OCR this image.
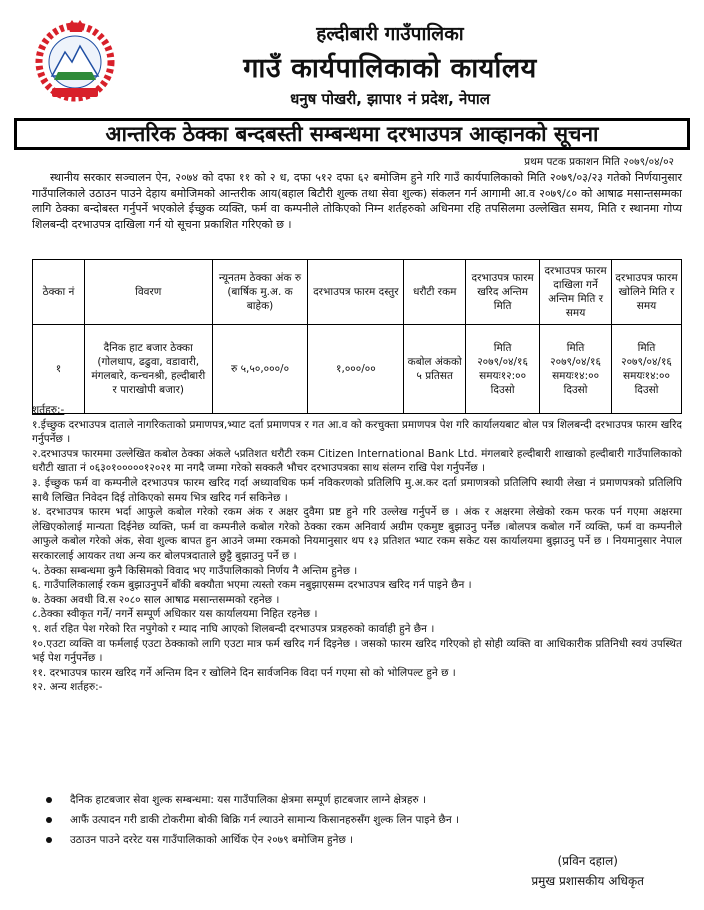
हल्दीबारी गाउँपालिका
गाउँ कार्यपालिकाको कार्यालय
धनुष पोखरी, झापा१ नं प्रदेश, नेपाल
आन्तरिक ठेक्का बन्दबस्ती सम्बन्धमा दरभाउपत्र आव्हानको सूचना
प्रथम पटक प्रकाशन मिति २०७९/०४/०२

स्थानीय सरकार सञ्चालन ऐन, २०७४ को दफा ११ को २ ध, दफा ५१२ दफा ६२ बमोजिम हुने गरि गाउँ कार्यपालिकाको मिति २०७९/०३/२३ गतेको निर्णयानुसार गाउँपालिकाले उठाउन पाउने देहाय बमोजिमको आन्तरीक आय(बहाल बिटौरी शुल्क तथा सेवा शुल्क) संकलन गर्न आगामी आ.व २०७९/८० को आषाढ मसान्तसम्मका लागि ठेक्का बन्दोबस्त गर्नुपर्ने भएकोले ईच्छुक व्यक्ति, फर्म वा कम्पनीले तोकिएको निम्न शर्तहरुको अधिनमा रहि तपसिलमा उल्लेखित समय, मिति र स्थानमा गोप्य शिलबन्दी दरभाउपत्र दाखिला गर्न यो सूचना प्रकाशित गरिएको छ ।

ठेक्का नं	विवरण	न्यूनतम ठेक्का अंक रु (बार्षिक मु.अ. क बाहेक)	दरभाउपत्र फारम दस्तुर	धरौटी रकम	दरभाउपत्र फारम खरिद अन्तिम मिति	दरभाउपत्र फारम दाखिला गर्ने अन्तिम मिति र समय	दरभाउपत्र फारम खोलिने मिति र समय
१	दैनिक हाट बजार ठेक्का (गोलधाप, ढढुवा, वडावारी, मंगलबारे, कन्चनश्री, हल्दीबारी र पाराखोपी बजार)	रु ५,५०,०००/०	१,०००/००	कबोल अंकको ५ प्रतिसत	मिति २०७९/०४/१६ समयः१२:०० दिउसो	मिति २०७९/०४/१६ समयः१४:०० दिउसो	मिति २०७९/०४/१६ समयः१४:०० दिउसो

शर्तहरु:-

१.ईच्छुक दरभाउपत्र दाताले नागरिकताको प्रमाणपत्र,भ्याट दर्ता प्रमाणपत्र र गत आ.व को करचुक्ता प्रमाणपत्र पेश गरि कार्यालयबाट बोल पत्र शिलबन्दी दरभाउपत्र फारम खरिद गर्नुपर्नेछ ।

२.दरभाउपत्र फारममा उल्लेखित कबोल ठेक्का अंकले ५प्रतिशत धरौटी रकम Citizen International Bank Ltd. मंगलबारे हल्दीबारी शाखाको हल्दीबारी गाउँपालिकाको धरौटी खाता नं ०६३०१०००००१२०२१ मा नगदै जम्मा गरेको सक्कलै भौचर दरभाउपत्रका साथ संलग्न राखि पेश गर्नुपर्नेछ ।

३. ईच्छुक फर्म वा कम्पनीले दरभाउपत्र फारम खरिद गर्दा अध्यावधिक फर्म नविकरणको प्रतिलिपि मु.अ.कर दर्ता प्रमाणत्रको प्रतिलिपि स्थायी लेखा नं प्रमाणपत्रको प्रतिलिपि साथै लिखित निवेदन दिई तोकिएको समय भित्र खरिद गर्न सकिनेछ ।

४. दरभाउपत्र फारम भर्दा आफुले कबोल गरेको रकम अंक र अक्षर दुवैमा प्रष्ट हुने गरि उल्लेख गर्नुपर्ने छ । अंक र अक्षरमा लेखेको रकम फरक पर्न गएमा अक्षरमा लेखिएकोलाई मान्यता दिईनेछ व्यक्ति, फर्म वा कम्पनीले कबोल गरेको ठेक्का रकम अनिवार्य अग्रीम एकमुष्ट बुझाउनु पर्नेछ ।बोलपत्र कबोल गर्ने व्यक्ति, फर्म वा कम्पनीले आफुले कबोल गरेको अंक, सेवा शुल्क बापत हुन आउने जम्मा रकमको नियमानुसार थप १३ प्रतिशत भ्याट रकम सकेट यस कार्यालयमा बुझाउनु पर्ने छ । नियमानुसार नेपाल सरकारलाई आयकर तथा अन्य कर बोलपत्रदाताले छुट्टै बुझाउनु पर्ने छ ।

५. ठेक्का सम्बन्धमा कुनै किसिमको विवाद भए गाउँपालिकाको निर्णय नै अन्तिम हुनेछ ।

६. गाउँपालिकालाई रकम बुझाउनुपर्ने बाँकी बक्यौता भएमा त्यस्तो रकम नबुझाएसम्म दरभाउपत्र खरिद गर्न पाइने छैन ।

७. ठेक्का अवधी वि.स २०८० साल आषाढ मसान्तसम्मको रहनेछ ।

८.ठेक्का स्वीकृत गर्ने/ नगर्ने सम्पूर्ण अधिकार यस कार्यालयमा निहित रहनेछ ।

९. शर्त रहित पेश गरेको रित नपुगेको र म्याद नाघि आएको शिलबन्दी दरभाउपत्र प्रत्रहरुको कार्वाही हुने छैन ।

१०.एउटा व्यक्ति वा फर्मलाई एउटा ठेक्काको लागि एउटा मात्र फर्म खरिद गर्न दिइनेछ । जसको फारम खरिद गरिएको हो सोही व्यक्ति वा आधिकारीक प्रतिनिधी स्वयं उपस्थित भई पेश गर्नुपर्नेछ ।

११. दरभाउपत्र फारम खरिद गर्ने अन्तिम दिन र खोलिने दिन सार्वजनिक विदा पर्न गएमा सो को भोलिपल्ट हुने छ ।

१२. अन्य शर्तहरु:-

दैनिक हाटबजार सेवा शुल्क सम्बन्धमा: यस गाउँपालिका क्षेत्रमा सम्पूर्ण हाटबजार लाग्ने क्षेत्रहरु ।
आफैं उत्पादन गरी डाकी टोकरीमा बोकी बिक्रि गर्न ल्याउने सामान्य किसानहरुसँग शुल्क लिन पाइने छैन ।
उठाउन पाउने दररेट यस गाउँपालिकाको आर्थिक ऐन २०७९ बमोजिम हुनेछ ।
(प्रविन दहाल)
प्रमुख प्रशासकीय अधिकृत
